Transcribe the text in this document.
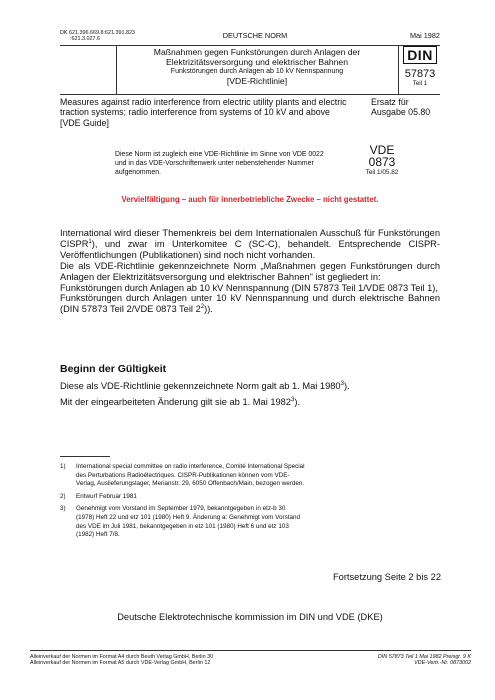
DK 621.396.669.8:621.391.823
:621.3.027.6	DEUTSCHE NORM	Mai 1982
Maßnahmen gegen Funkstörungen durch Anlagen der Elektrizitätsversorgung und elektrischer Bahnen
Funkstörungen durch Anlagen ab 10 kV Nennspannung
[VDE-Richtlinie]
DIN
57873
Teil 1
Measures against radio interference from electric utility plants and electric traction systems; radio interference from systems of 10 kV and above
[VDE Guide]
Ersatz für
Ausgabe 05.80
Diese Norm ist zugleich eine VDE-Richtlinie im Sinne von VDE 0022 und in das VDE-Vorschriftenwerk unter nebenstehender Nummer aufgenommen.
VDE
0873
Teil 1/05.82
Vervielfältigung – auch für innerbetriebliche Zwecke – nicht gestattet.

International wird dieser Themenkreis bei dem Internationalen Ausschuß für Funkstörungen CISPR$^1$), und zwar im Unterkomitee C (SC-C), behandelt. Entsprechende CISPR-Veröffentlichungen (Publikationen) sind noch nicht vorhanden.

Die als VDE-Richtlinie gekennzeichnete Norm „Maßnahmen gegen Funkstörungen durch Anlagen der Elektrizitätsversorgung und elektrischer Bahnen" ist gegliedert in:

Funkstörungen durch Anlagen ab 10 kV Nennspannung (DIN 57873 Teil 1/VDE 0873 Teil 1),

Funkstörungen durch Anlagen unter 10 kV Nennspannung und durch elektrische Bahnen (DIN 57873 Teil 2/VDE 0873 Teil $2^2$)).

Beginn der Gültigkeit
Diese als VDE-Richtlinie gekennzeichnete Norm galt ab 1. Mai 1980$^3$).
Mit der eingearbeiteten Änderung gilt sie ab 1. Mai 1982$^3$).
1)	International special committee on radio interference, Comité International Special des Perturbations Radioélectriques. CISPR-Publikationen können vom VDE-Verlag, Auslieferungslager, Merianstr. 29, 6050 Offenbach/Main, bezogen werden.
2)	Entwurf Februar 1981
3)	Genehmigt vom Vorstand im September 1979, bekanntgegeben in etz-b 30 (1978) Heft 22 und etz 101 (1980) Heft 9. Änderung a: Genehmigt vom Vorstand des VDE im Juli 1981, bekanntgegeben in etz 101 (1980) Heft 6 und etz 103 (1982) Heft 7/8.
Fortsetzung Seite 2 bis 22
Deutsche Elektrotechnische kommission im DIN und VDE (DKE)
Alleinverkauf der Normen im Format A4 durch Beuth Verlag GmbH, Berlin 30
Alleinverkauf der Normen im Format A5 durch VDE-Verlag GmbH, Berlin 12
DIN 57873 Teil 1 Mai 1982 Preisgr. 9 K
VDE-Vertr.-Nr. 0873002
